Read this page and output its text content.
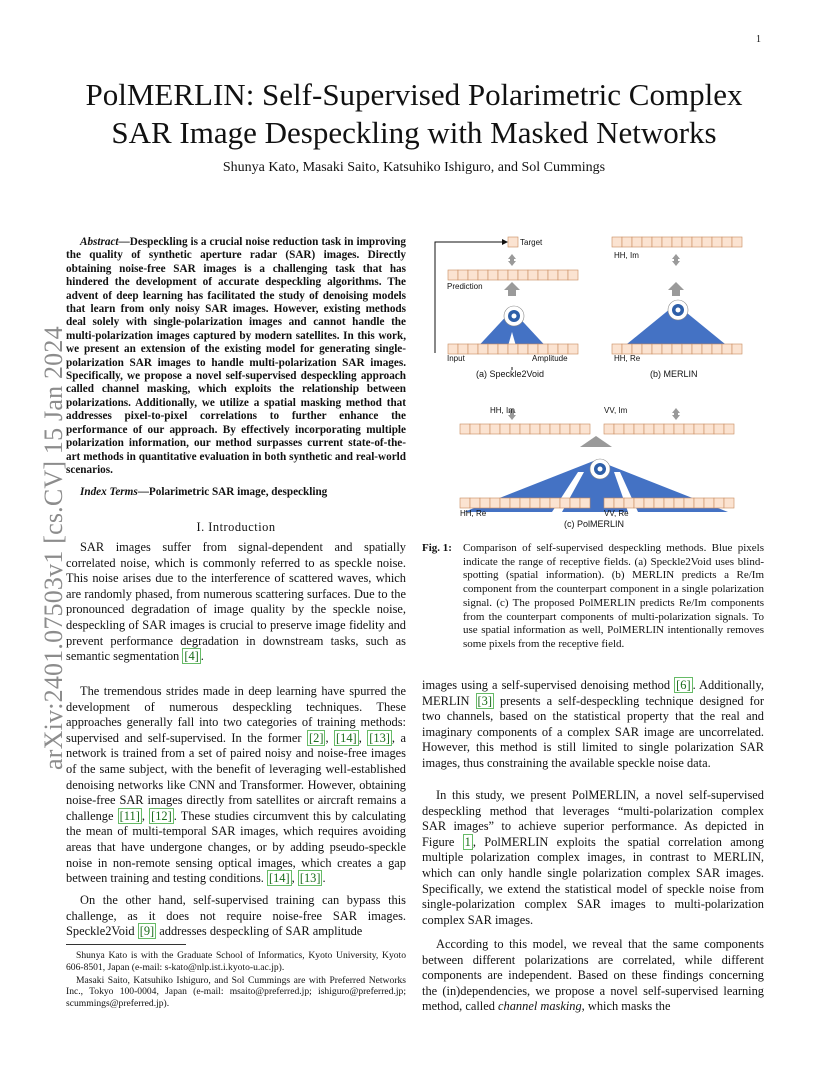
1
arXiv:2401.07503v1 [cs.CV] 15 Jan 2024
PolMERLIN: Self-Supervised Polarimetric Complex
SAR Image Despeckling with Masked Networks
Shunya Kato, Masaki Saito, Katsuhiko Ishiguro, and Sol Cummings
Abstract—Despeckling is a crucial noise reduction task in improving the quality of synthetic aperture radar (SAR) images. Directly obtaining noise-free SAR images is a challenging task that has hindered the development of accurate despeckling algorithms. The advent of deep learning has facilitated the study of denoising models that learn from only noisy SAR images. However, existing methods deal solely with single-polarization images and cannot handle the multi-polarization images captured by modern satellites. In this work, we present an extension of the existing model for generating single-polarization SAR images to handle multi-polarization SAR images. Specifically, we propose a novel self-supervised despeckling approach called channel masking, which exploits the relationship between polarizations. Additionally, we utilize a spatial masking method that addresses pixel-to-pixel correlations to further enhance the performance of our approach. By effectively incorporating multiple polarization information, our method surpasses current state-of-the-art methods in quantitative evaluation in both synthetic and real-world scenarios.
Index Terms—Polarimetric SAR image, despeckling
I. Introduction
SAR images suffer from signal-dependent and spatially correlated noise, which is commonly referred to as speckle noise. This noise arises due to the interference of scattered waves, which are randomly phased, from numerous scattering surfaces. Due to the pronounced degradation of image quality by the speckle noise, despeckling of SAR images is crucial to preserve image fidelity and prevent performance degradation in downstream tasks, such as semantic segmentation [4] .
The tremendous strides made in deep learning have spurred the development of numerous despeckling techniques. These approaches generally fall into two categories of training methods: supervised and self-supervised. In the former [2] , [14] , [13] , a network is trained from a set of paired noisy and noise-free images of the same subject, with the benefit of leveraging well-established denoising networks like CNN and Transformer. However, obtaining noise-free SAR images directly from satellites or aircraft remains a challenge [11] , [12] . These studies circumvent this by calculating the mean of multi-temporal SAR images, which requires avoiding areas that have undergone changes, or by adding pseudo-speckle noise in non-remote sensing optical images, which creates a gap between training and testing conditions. [14] , [13] .
On the other hand, self-supervised training can bypass this challenge, as it does not require noise-free SAR images. Speckle2Void [9] addresses despeckling of SAR amplitude

Shunya Kato is with the Graduate School of Informatics, Kyoto University, Kyoto 606-8501, Japan (e-mail: s-kato@nlp.ist.i.kyoto-u.ac.jp).

Masaki Saito, Katsuhiko Ishiguro, and Sol Cummings are with Preferred Networks Inc., Tokyo 100-0004, Japan (e-mail: msaito@preferred.jp; ishiguro@preferred.jp; scummings@preferred.jp).

Target
Prediction
Input	Amplitude
(a) Speckle2Void
HH, Im
HH, Re
(b) MERLIN
HH, Im	VV, Im
HH, Re	VV, Re
(c) PolMERLIN
Fig. 1: Comparison of self-supervised despeckling methods. Blue pixels indicate the range of receptive fields. (a) Speckle2Void uses blind-spotting (spatial information). (b) MERLIN predicts a Re/Im component from the counterpart component in a single polarization signal. (c) The proposed PolMERLIN predicts Re/Im components from the counterpart components of multi-polarization signals. To use spatial information as well, PolMERLIN intentionally removes some pixels from the receptive field.
images using a self-supervised denoising method [6] . Additionally, MERLIN [3] presents a self-despeckling technique designed for two channels, based on the statistical property that the real and imaginary components of a complex SAR image are uncorrelated. However, this method is still limited to single polarization SAR images, thus constraining the available speckle noise data.
In this study, we present PolMERLIN, a novel self-supervised despeckling method that leverages “multi-polarization complex SAR images” to achieve superior performance. As depicted in Figure 1 , PolMERLIN exploits the spatial correlation among multiple polarization complex images, in contrast to MERLIN, which can only handle single polarization complex SAR images. Specifically, we extend the statistical model of speckle noise from single-polarization complex SAR images to multi-polarization complex SAR images.
According to this model, we reveal that the same components between different polarizations are correlated, while different components are independent. Based on these findings concerning the (in)dependencies, we propose a novel self-supervised learning method, called channel masking, which masks the
